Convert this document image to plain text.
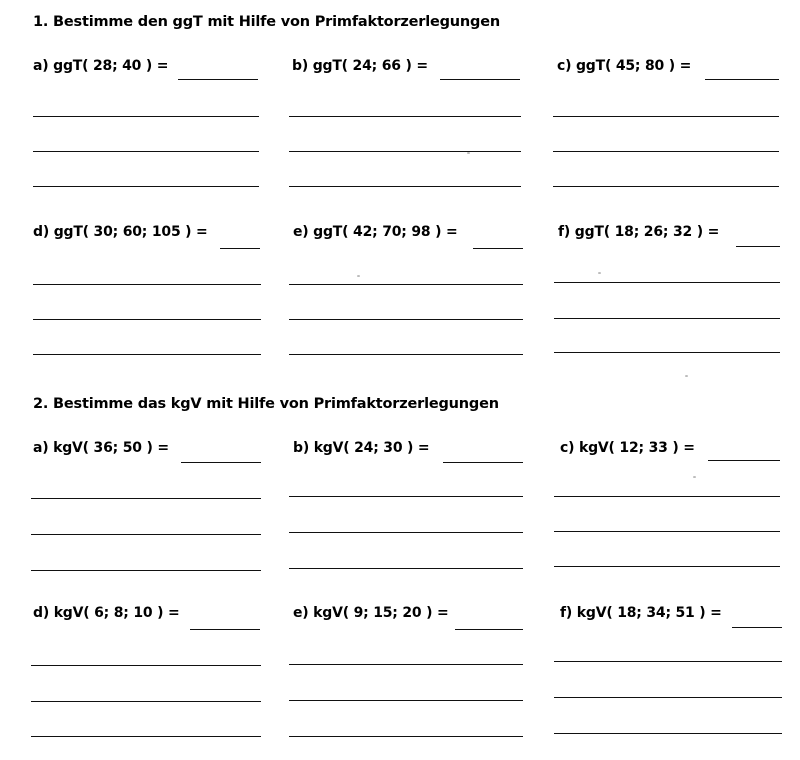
1. Bestimme den ggT mit Hilfe von Primfaktorzerlegungen
a) ggT( 28; 40 ) =	b) ggT( 24; 66 ) =	c) ggT( 45; 80 ) =
d) ggT( 30; 60; 105 ) =	e) ggT( 42; 70; 98 ) =	f) ggT( 18; 26; 32 ) =
2. Bestimme das kgV mit Hilfe von Primfaktorzerlegungen
a) kgV( 36; 50 ) =	b) kgV( 24; 30 ) =	c) kgV( 12; 33 ) =
d) kgV( 6; 8; 10 ) =	e) kgV( 9; 15; 20 ) =	f) kgV( 18; 34; 51 ) =
